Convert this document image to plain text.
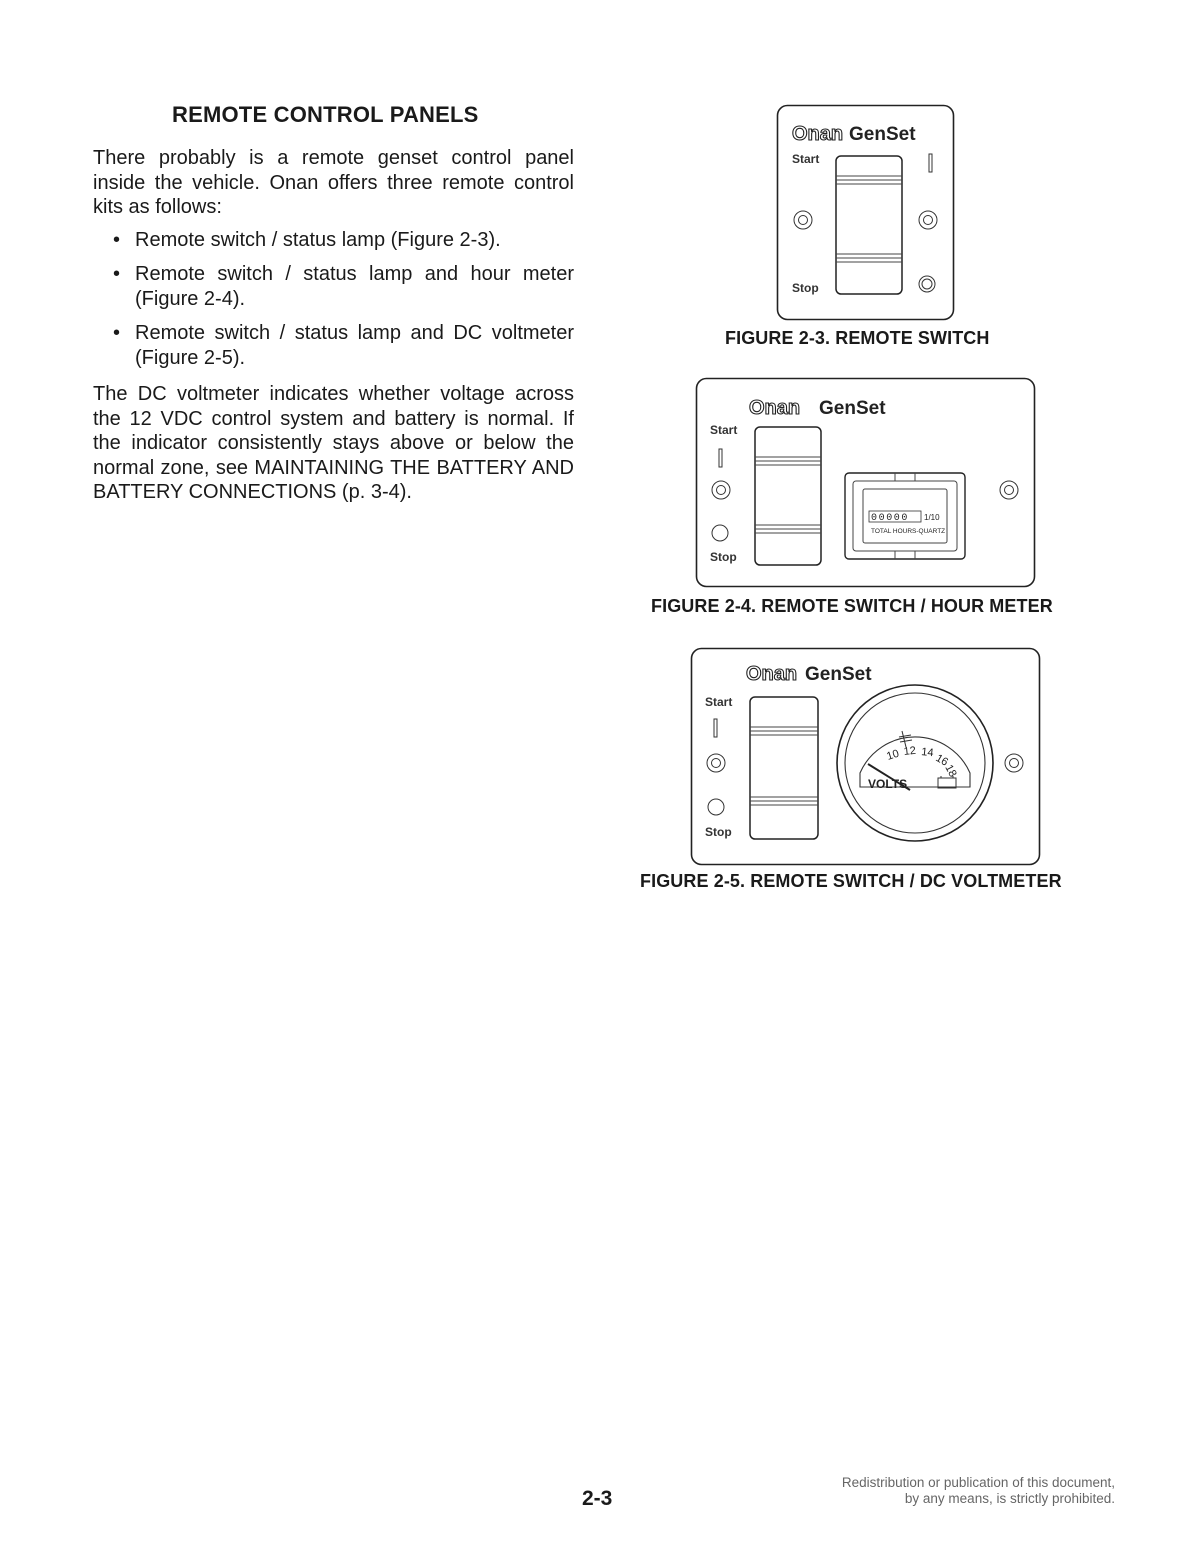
REMOTE CONTROL PANELS

There probably is a remote genset control panel inside the vehicle. Onan offers three remote control kits as follows:

• Remote switch / status lamp (Figure 2-3).
• Remote switch / status lamp and hour meter (Figure 2-4).
• Remote switch / status lamp and DC voltmeter (Figure 2-5).

The DC voltmeter indicates whether voltage across the 12 VDC control system and battery is normal. If the indicator consistently stays above or below the normal zone, see MAINTAINING THE BATTERY AND BATTERY CONNECTIONS (p. 3-4).

Onan GenSet
Start
Stop
FIGURE 2-3. REMOTE SWITCH
Onan GenSet
Start
Stop
00000 1/10
TOTAL HOURS-QUARTZ
FIGURE 2-4. REMOTE SWITCH / HOUR METER
Onan GenSet
Start
Stop
10 12 14 16
18
VOLTS
FIGURE 2-5. REMOTE SWITCH / DC VOLTMETER
2-3
Redistribution or publication of this document,
by any means, is strictly prohibited.
